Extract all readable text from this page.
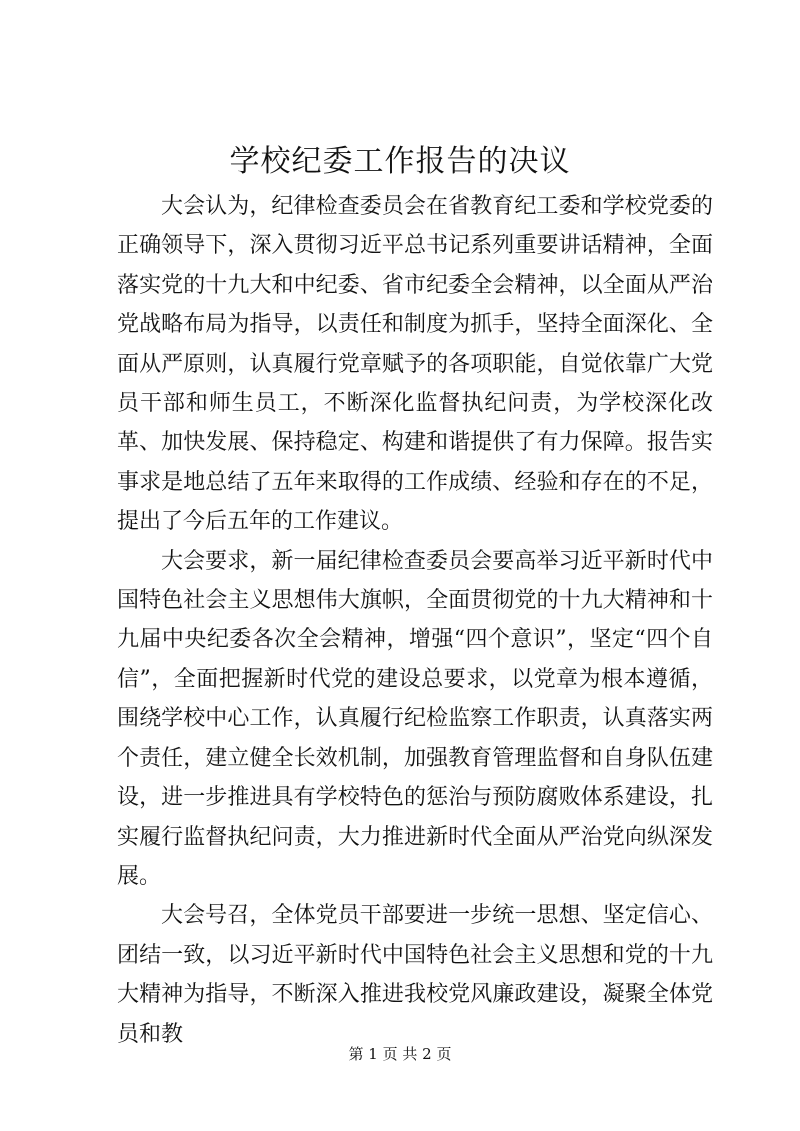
学校纪委工作报告的决议

大会认为，纪律检查委员会在省教育纪工委和学校党委的正确领导下，深入贯彻习近平总书记系列重要讲话精神，全面落实党的十九大和中纪委、省市纪委全会精神，以全面从严治党战略布局为指导，以责任和制度为抓手，坚持全面深化、全面从严原则，认真履行党章赋予的各项职能，自觉依靠广大党员干部和师生员工，不断深化监督执纪问责，为学校深化改革、加快发展、保持稳定、构建和谐提供了有力保障。报告实事求是地总结了五年来取得的工作成绩、经验和存在的不足，提出了今后五年的工作建议。

大会要求，新一届纪律检查委员会要高举习近平新时代中国特色社会主义思想伟大旗帜，全面贯彻党的十九大精神和十九届中央纪委各次全会精神，增强“四个意识”，坚定“四个自信”，全面把握新时代党的建设总要求，以党章为根本遵循，围绕学校中心工作，认真履行纪检监察工作职责，认真落实两个责任，建立健全长效机制，加强教育管理监督和自身队伍建设，进一步推进具有学校特色的惩治与预防腐败体系建设，扎实履行监督执纪问责，大力推进新时代全面从严治党向纵深发展。

大会号召，全体党员干部要进一步统一思想、坚定信心、团结一致，以习近平新时代中国特色社会主义思想和党的十九大精神为指导，不断深入推进我校党风廉政建设，凝聚全体党员和教

第 1 页 共 2 页
